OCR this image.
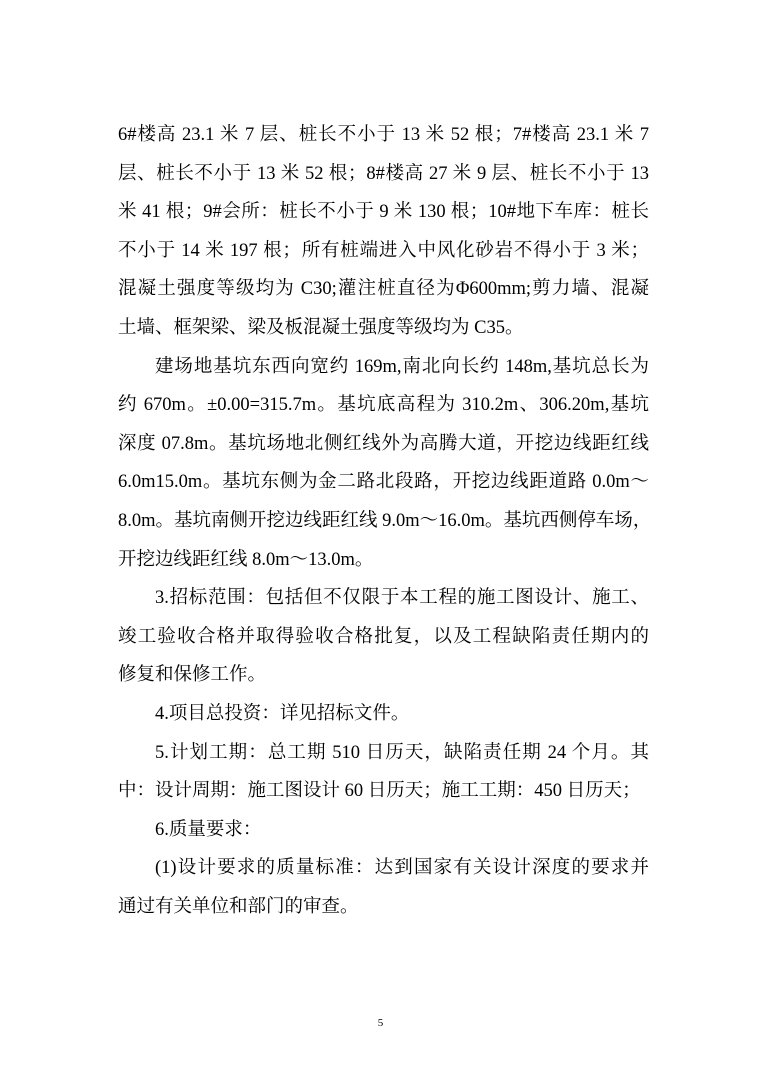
6#楼高 23.1 米 7 层、桩长不小于 13 米 52 根；7#楼高 23.1 米 7
层、桩长不小于 13 米 52 根；8#楼高 27 米 9 层、桩长不小于 13
米 41 根；9#会所：桩长不小于 9 米 130 根；10#地下车库：桩长
不小于 14 米 197 根；所有桩端进入中风化砂岩不得小于 3 米；
混凝土强度等级均为 C30;灌注桩直径为Φ600mm;剪力墙、混凝
土墙、框架梁、梁及板混凝土强度等级均为 C35。
建场地基坑东西向宽约 169m,南北向长约 148m,基坑总长为
约 670m。±0.00=315.7m。基坑底高程为 310.2m、306.20m,基坑
深度 07.8m。基坑场地北侧红线外为高腾大道，开挖边线距红线
6.0m15.0m。基坑东侧为金二路北段路，开挖边线距道路 0.0m～
8.0m。基坑南侧开挖边线距红线 9.0m～16.0m。基坑西侧停车场，
开挖边线距红线 8.0m～13.0m。
3.招标范围：包括但不仅限于本工程的施工图设计、施工、
竣工验收合格并取得验收合格批复，以及工程缺陷责任期内的
修复和保修工作。
4.项目总投资：详见招标文件。
5.计划工期：总工期 510 日历天，缺陷责任期 24 个月。其
中：设计周期：施工图设计 60 日历天；施工工期：450 日历天；
6.质量要求：
(1)设计要求的质量标准：达到国家有关设计深度的要求并
通过有关单位和部门的审查。
5
